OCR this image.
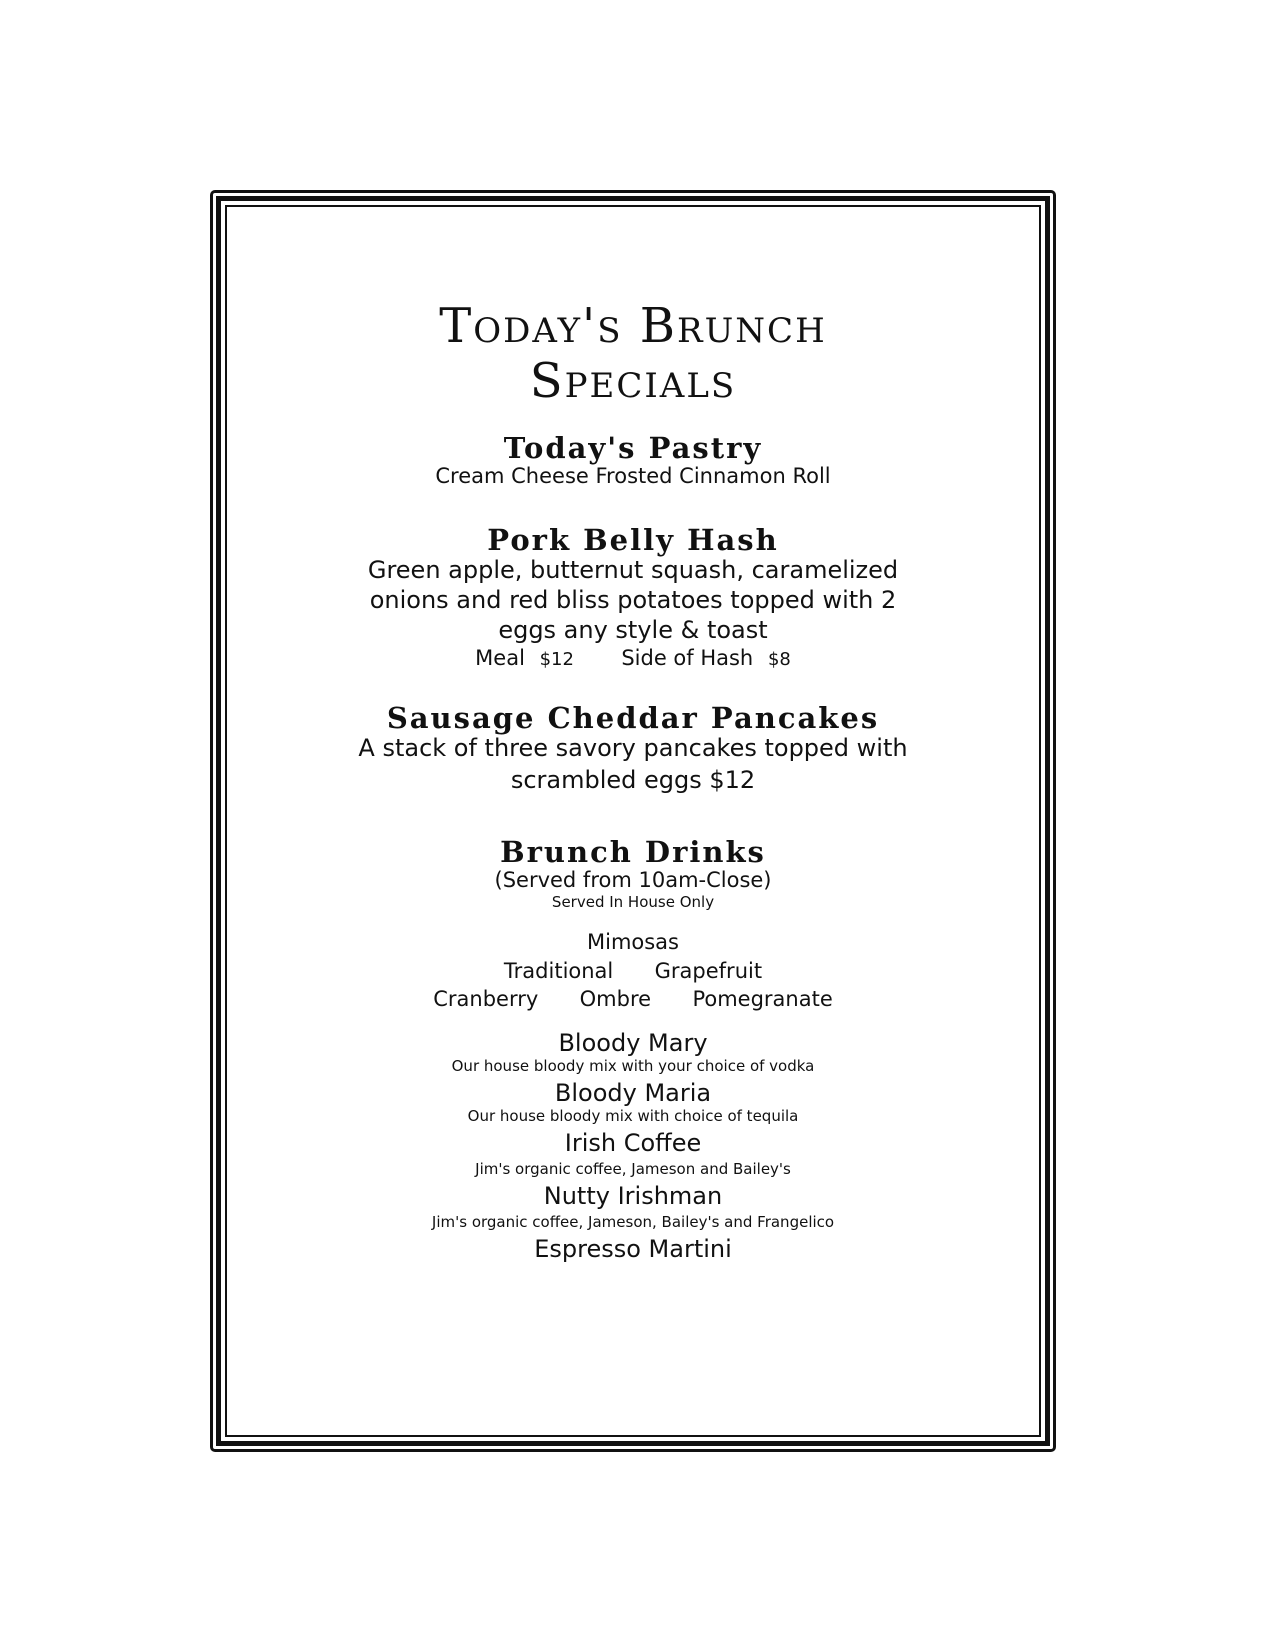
Today's Brunch
Specials
Today's Pastry
Cream Cheese Frosted Cinnamon Roll
Pork Belly Hash
Green apple, butternut squash, caramelized
onions and red bliss potatoes topped with 2
eggs any style & toast
Meal $12 Side of Hash $8
Sausage Cheddar Pancakes
A stack of three savory pancakes topped with
scrambled eggs $12
Brunch Drinks
(Served from 10am-Close)
Served In House Only
Mimosas
Traditional Grapefruit
Cranberry Ombre Pomegranate
Bloody Mary
Our house bloody mix with your choice of vodka
Bloody Maria
Our house bloody mix with choice of tequila
Irish Coffee
Jim's organic coffee, Jameson and Bailey's
Nutty Irishman
Jim's organic coffee, Jameson, Bailey's and Frangelico
Espresso Martini
